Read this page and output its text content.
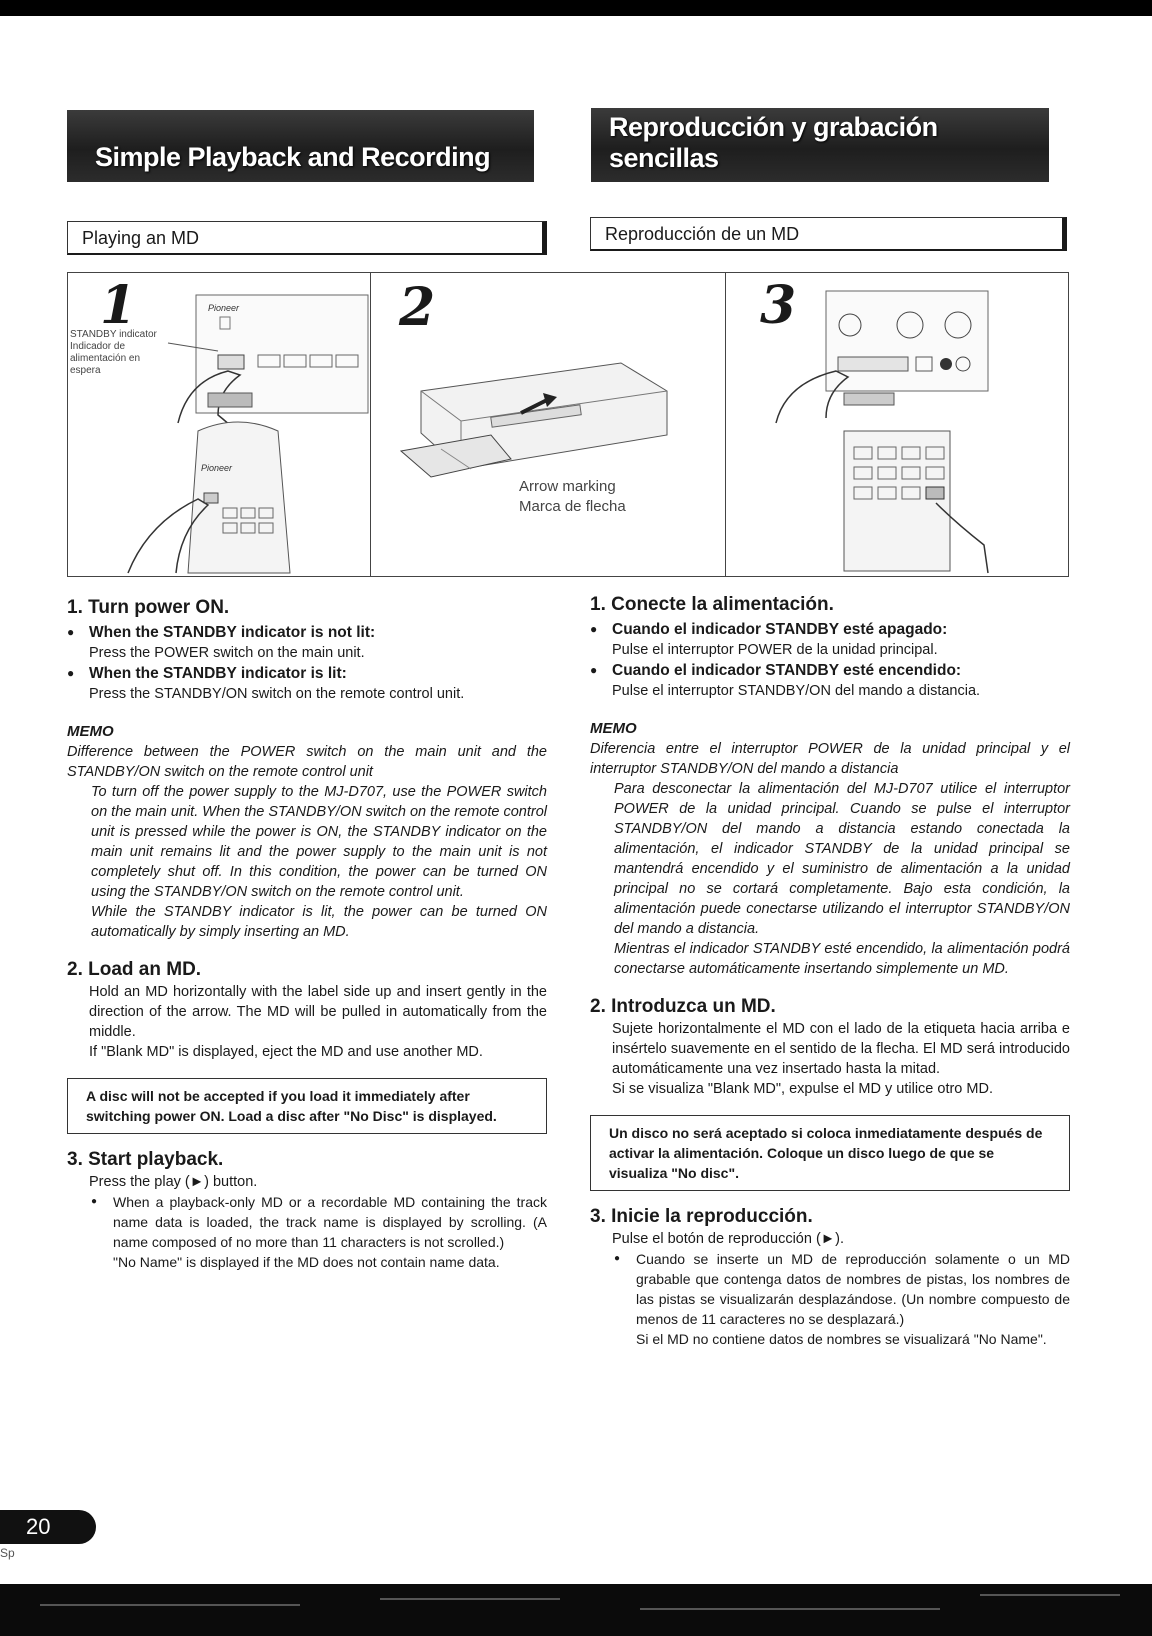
Simple Playback and Recording
Reproducción y grabación sencillas
Playing an MD	Reproducción de un MD
1
STANDBY indicator
Indicador de alimentación en espera
Pioneer
Pioneer
2
Arrow marking
Marca de flecha
3
1. Turn power ON.
● When the STANDBY indicator is not lit:
Press the POWER switch on the main unit.
● When the STANDBY indicator is lit:
Press the STANDBY/ON switch on the remote control unit.
MEMO
Difference between the POWER switch on the main unit and the STANDBY/ON switch on the remote control unit
To turn off the power supply to the MJ-D707, use the POWER switch on the main unit. When the STANDBY/ON switch on the remote control unit is pressed while the power is ON, the STANDBY indicator on the main unit remains lit and the power supply to the main unit is not completely shut off. In this condition, the power can be turned ON using the STANDBY/ON switch on the remote control unit.
While the STANDBY indicator is lit, the power can be turned ON automatically by simply inserting an MD.
2. Load an MD.
Hold an MD horizontally with the label side up and insert gently in the direction of the arrow. The MD will be pulled in automatically from the middle.
If "Blank MD" is displayed, eject the MD and use another MD.
A disc will not be accepted if you load it immediately after switching power ON. Load a disc after "No Disc" is displayed.
3. Start playback.
Press the play (►) button.
● When a playback-only MD or a recordable MD containing the track name data is loaded, the track name is displayed by scrolling. (A name composed of no more than 11 characters is not scrolled.)
"No Name" is displayed if the MD does not contain name data.
1. Conecte la alimentación.
● Cuando el indicador STANDBY esté apagado:
Pulse el interruptor POWER de la unidad principal.
● Cuando el indicador STANDBY esté encendido:
Pulse el interruptor STANDBY/ON del mando a distancia.
MEMO
Diferencia entre el interruptor POWER de la unidad principal y el interruptor STANDBY/ON del mando a distancia
Para desconectar la alimentación del MJ-D707 utilice el interruptor POWER de la unidad principal. Cuando se pulse el interruptor STANDBY/ON del mando a distancia estando conectada la alimentación, el indicador STANDBY de la unidad principal se mantendrá encendido y el suministro de alimentación a la unidad principal no se cortará completamente. Bajo esta condición, la alimentación puede conectarse utilizando el interruptor STANDBY/ON del mando a distancia.
Mientras el indicador STANDBY esté encendido, la alimentación podrá conectarse automáticamente insertando simplemente un MD.
2. Introduzca un MD.
Sujete horizontalmente el MD con el lado de la etiqueta hacia arriba e insértelo suavemente en el sentido de la flecha. El MD será introducido automáticamente una vez insertado hasta la mitad.
Si se visualiza "Blank MD", expulse el MD y utilice otro MD.
Un disco no será aceptado si coloca inmediatamente después de activar la alimentación. Coloque un disco luego de que se visualiza "No disc".
3. Inicie la reproducción.
Pulse el botón de reproducción (►).
● Cuando se inserte un MD de reproducción solamente o un MD grabable que contenga datos de nombres de pistas, los nombres de las pistas se visualizarán desplazándose. (Un nombre compuesto de menos de 11 caracteres no se desplazará.)
Si el MD no contiene datos de nombres se visualizará "No Name".
20
Sp
